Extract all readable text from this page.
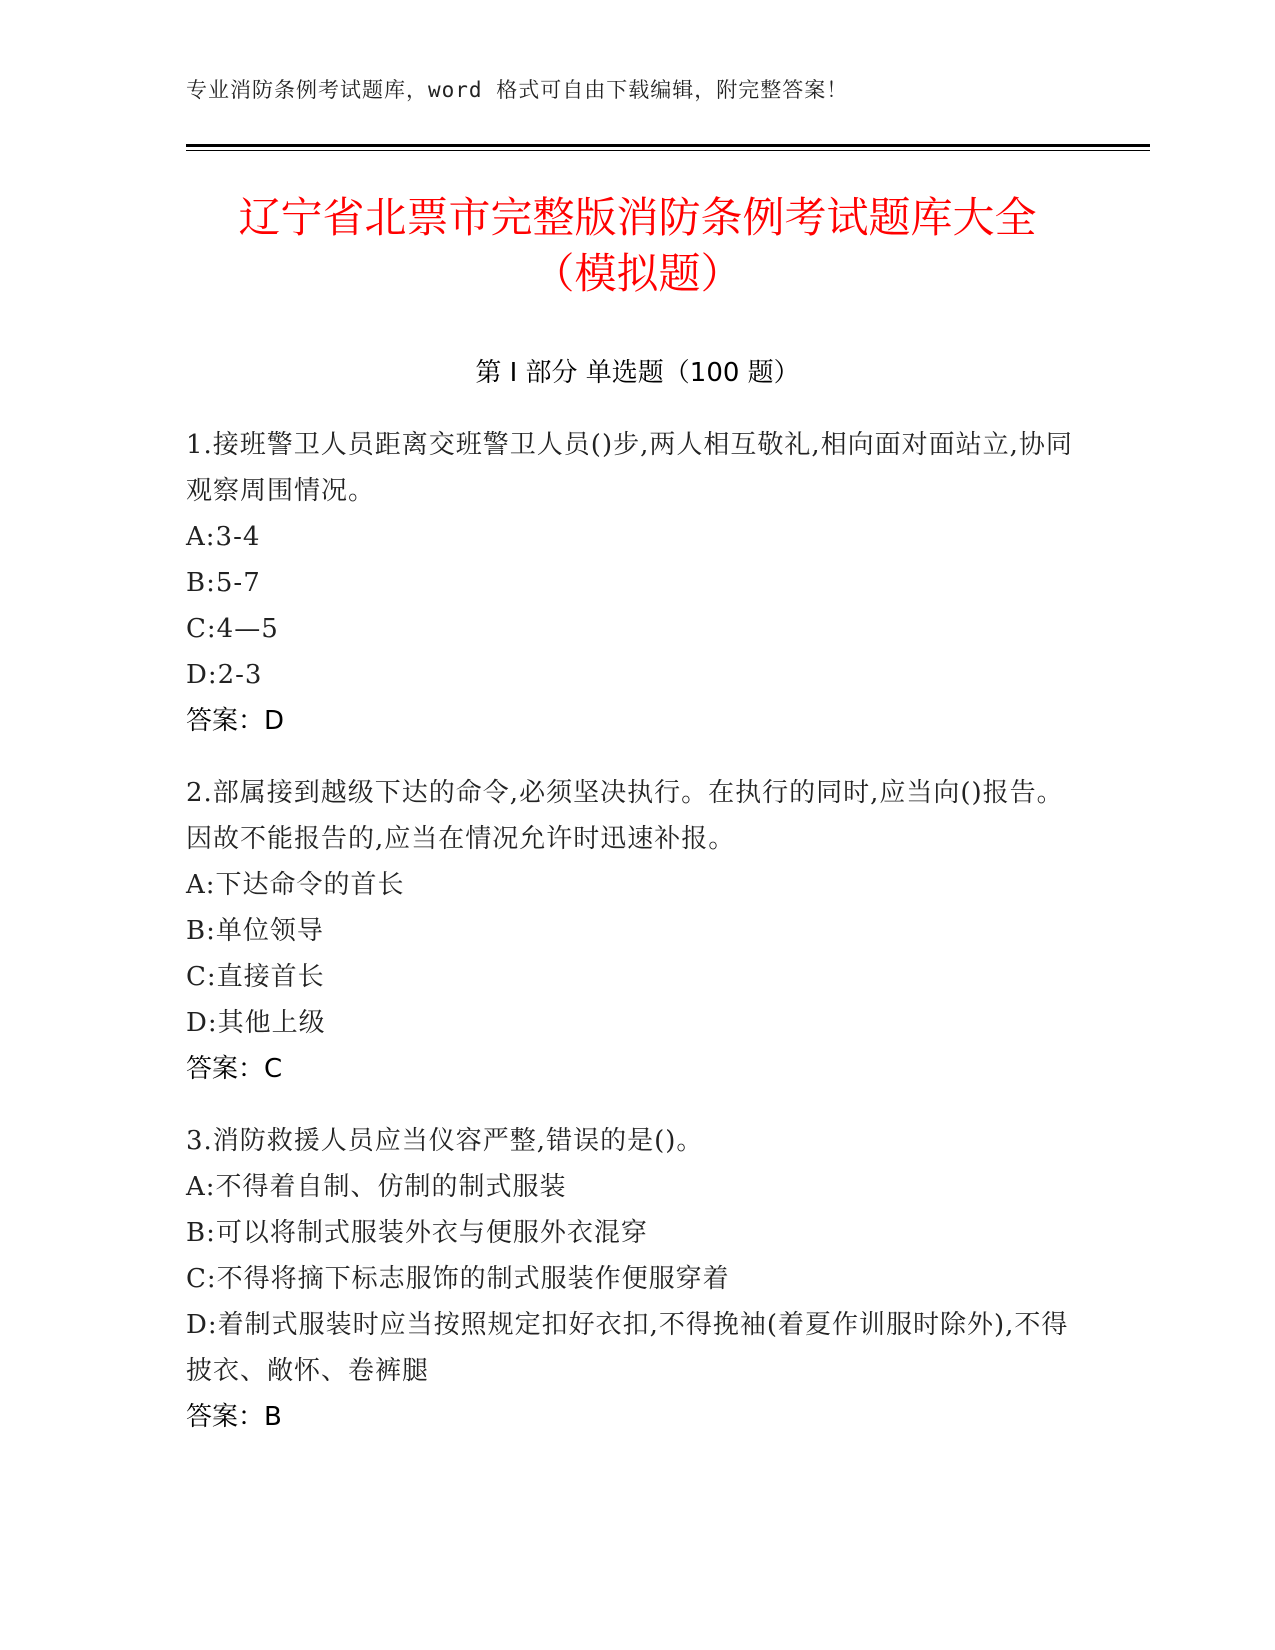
专业消防条例考试题库，word 格式可自由下载编辑，附完整答案！
辽宁省北票市完整版消防条例考试题库大全
（模拟题）
第 I 部分 单选题（100 题）
1.接班警卫人员距离交班警卫人员()步,两人相互敬礼,相向面对面站立,协同观察周围情况。
A:3-4
B:5-7
C:4—5
D:2-3
答案：D
2.部属接到越级下达的命令,必须坚决执行。在执行的同时,应当向()报告。因故不能报告的,应当在情况允许时迅速补报。
A:下达命令的首长
B:单位领导
C:直接首长
D:其他上级
答案：C
3.消防救援人员应当仪容严整,错误的是()。
A:不得着自制、仿制的制式服装
B:可以将制式服装外衣与便服外衣混穿
C:不得将摘下标志服饰的制式服装作便服穿着
D:着制式服装时应当按照规定扣好衣扣,不得挽袖(着夏作训服时除外),不得披衣、敞怀、卷裤腿
答案：B
